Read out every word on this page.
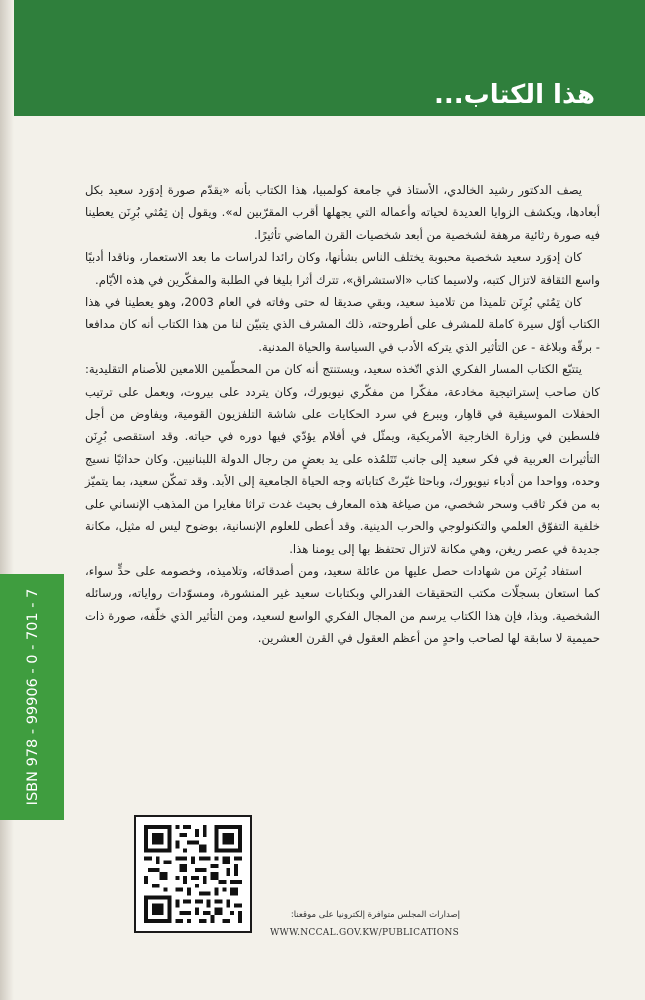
هذا الكتاب...

يصف الدكتور رشيد الخالدي، الأستاذ في جامعة كولمبيا، هذا الكتاب بأنه «يقدّم صورة إدوَرد سعيد بكل أبعادها، ويكشف الزوايا العديدة لحياته وأعماله التي يجهلها أقرب المقرّبين له». ويقول إن تِمُثي بُرِنَن يعطينا فيه صورة رثائية مرهفة لشخصية من أبعد شخصيات القرن الماضي تأثيرًا.

كان إدوَرد سعيد شخصية محبوبة يختلف الناس بشأنها، وكان رائدا لدراسات ما بعد الاستعمار، وناقدا أدبيًا واسع الثقافة لاتزال كتبه، ولاسيما كتاب «الاستشراق»، تترك أثرا بليغا في الطلبة والمفكّرين في هذه الأيّام.

كان تِمُثي بُرِنَن تلميذا من تلاميذ سعيد، وبقي صديقا له حتى وفاته في العام 2003، وهو يعطينا في هذا الكتاب أوّل سيرة كاملة للمشرف على أطروحته، ذلك المشرف الذي يتبيّن لنا من هذا الكتاب أنه كان مدافعا - برقّة وبلاغة - عن التأثير الذي يتركه الأدب في السياسة والحياة المدنية.

يتتبّع الكتاب المسار الفكري الذي اتّخذه سعيد، ويستنتج أنه كان من المحطّمين اللامعين للأصنام التقليدية: كان صاحب إستراتيجية مخادعة، مفكّرا من مفكّري نيويورك، وكان يتردد على بيروت، ويعمل على ترتيب الحفلات الموسيقية في قاهِار، ويبرع في سرد الحكايات على شاشة التلفزيون القومية، ويفاوض من أجل فلسطين في وزارة الخارجية الأمريكية، ويمثّل في أفلام يؤدّي فيها دوره في حياته. وقد استقصى بُرِنَن التأثيرات العربية في فكر سعيد إلى جانب تَتَلمُذه على يد بعضٍ من رجال الدولة اللبنانيين. وكان حداثيًا نسيج وحده، وواحدا من أدباء نيويورك، وباحثا غيّرتْ كتاباته وجه الحياة الجامعية إلى الأبد. وقد تمكّن سعيد، بما يتميّز به من فكر ثاقب وسحر شخصي، من صياغة هذه المعارف بحيث غدت تراثا مغايرا من المذهب الإنساني على خلفية التفوّق العلمي والتكنولوجي والحرب الدينية. وقد أعطى للعلوم الإنسانية، بوضوح ليس له مثيل، مكانة جديدة في عصر ريغن، وهي مكانة لاتزال تحتفظ بها إلى يومنا هذا.

استفاد بُرِنَن من شهادات حصل عليها من عائلة سعيد، ومن أصدقائه، وتلاميذه، وخصومه على حدٍّ سواء، كما استعان بسجلّات مكتب التحقيقات الفدرالي وبكتابات سعيد غير المنشورة، ومسوّدات رواياته، ورسائله الشخصية. وبذا، فإن هذا الكتاب يرسم من المجال الفكري الواسع لسعيد، ومن التأثير الذي خلّفه، صورة ذات حميمية لا سابقة لها لصاحب واحدٍ من أعظم العقول في القرن العشرين.

ISBN 978 - 99906 - 0 - 701 - 7
إصدارات المجلس متوافرة إلكترونيا على موقعنا:
WWW.NCCAL.GOV.KW/PUBLICATIONS
